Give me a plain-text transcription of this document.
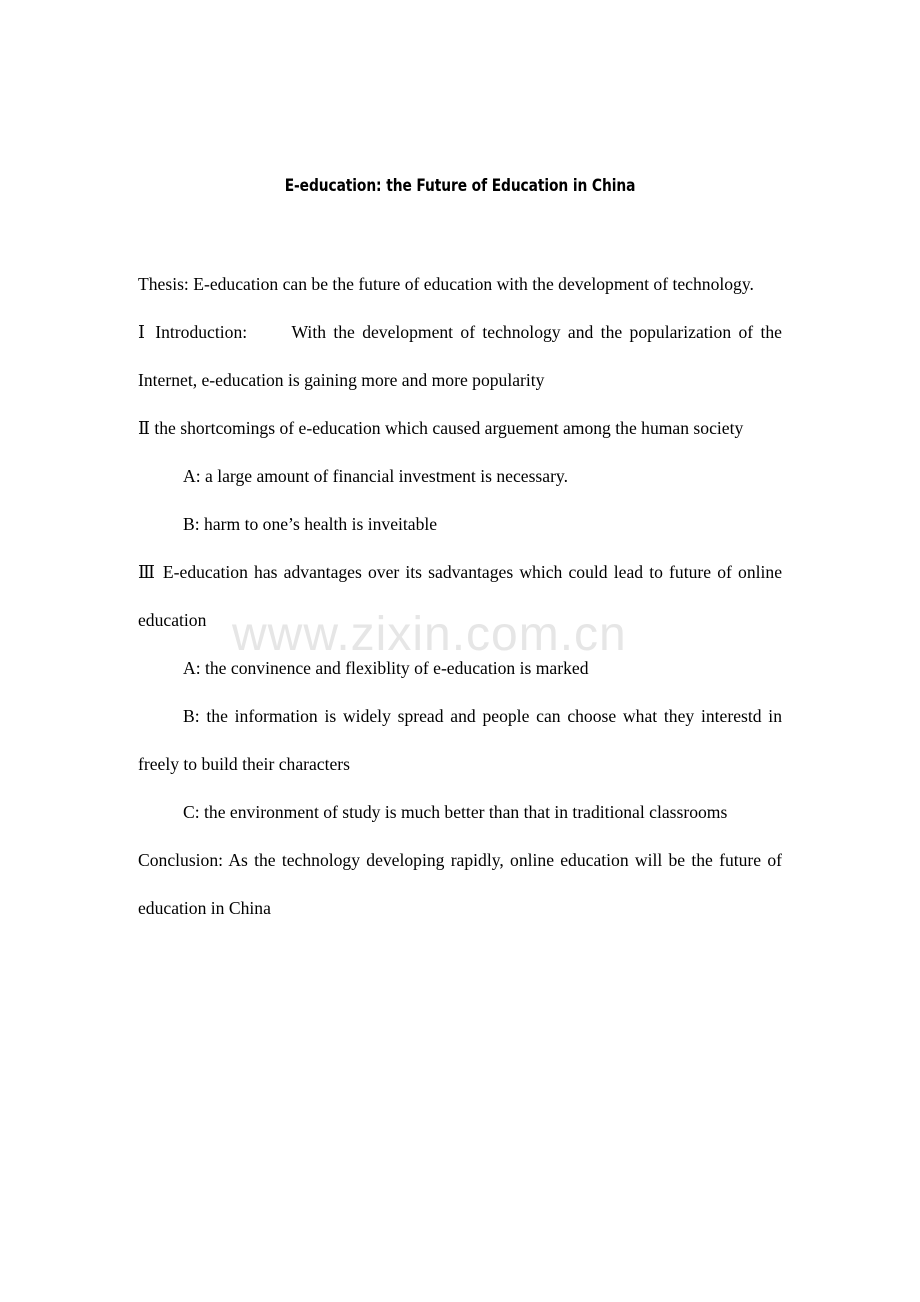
www.zixin.com.cn
E-education: the Future of Education in China

Thesis: E-education can be the future of education with the development of technology.

Ⅰ Introduction:	With the development of technology and the popularization of the Internet, e-education is gaining more and more popularity

Ⅱ the shortcomings of e-education which caused arguement among the human society

A: a large amount of financial investment is necessary.

B: harm to one’s health is inveitable

Ⅲ E-education has advantages over its sadvantages which could lead to future of online education

A: the convinence and flexiblity of e-education is marked

B: the information is widely spread and people can choose what they interestd in freely to build their characters

C: the environment of study is much better than that in traditional classrooms

Conclusion: As the technology developing rapidly, online education will be the future of education in China
